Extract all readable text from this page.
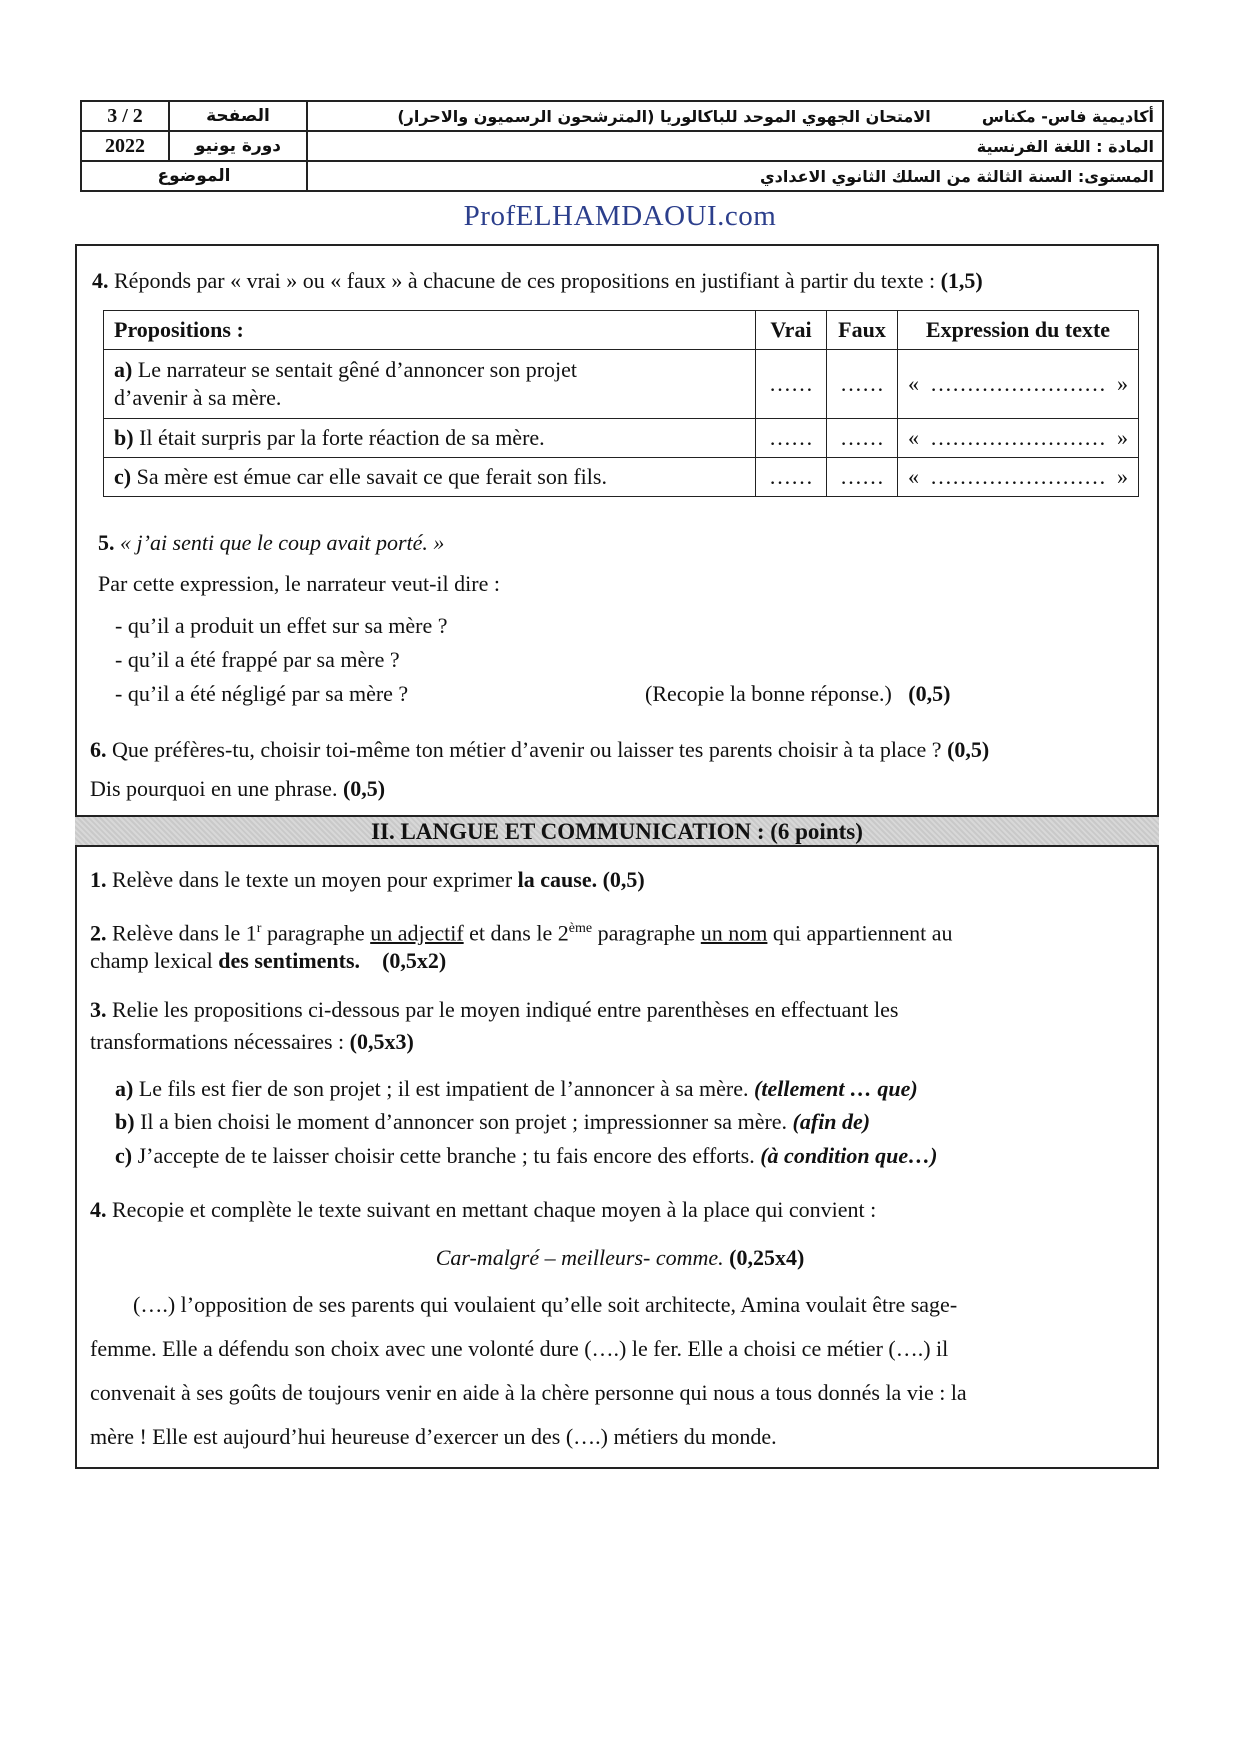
3 / 2	الصفحة	أكاديمية فاس- مكناس  الامتحان الجهوي الموحد للباكالوريا (المترشحون الرسميون والاحرار)
2022	دورة يونيو	المادة : اللغة الفرنسية
الموضوع		المستوى: السنة الثالثة من السلك الثانوي الاعدادي
ProfELHAMDAOUI.com
4. Réponds par « vrai » ou « faux » à chacune de ces propositions en justifiant à partir du texte : (1,5)
Propositions :	Vrai	Faux	Expression du texte
a) Le narrateur se sentait gêné d’annoncer son projet
d’avenir à sa mère.	……	……	« …………………… »

b) Il était surpris par la forte réaction de sa mère.	……	……	« …………………… »

c) Sa mère est émue car elle savait ce que ferait son fils.	……	……	« …………………… »
5. « j’ai senti que le coup avait porté. »
Par cette expression, le narrateur veut-il dire :
- qu’il a produit un effet sur sa mère ?
- qu’il a été frappé par sa mère ?
- qu’il a été négligé par sa mère ?	(Recopie la bonne réponse.) (0,5)
6. Que préfères-tu, choisir toi-même ton métier d’avenir ou laisser tes parents choisir à ta place ? (0,5)
Dis pourquoi en une phrase. (0,5)
II. LANGUE ET COMMUNICATION : (6 points)
1. Relève dans le texte un moyen pour exprimer la cause. (0,5)
2. Relève dans le 1$^r$ paragraphe un adjectif et dans le 2ème paragraphe un nom qui appartiennent au
champ lexical des sentiments. (0,5x2)
3. Relie les propositions ci-dessous par le moyen indiqué entre parenthèses en effectuant les
transformations nécessaires : (0,5x3)
a) Le fils est fier de son projet ; il est impatient de l’annoncer à sa mère. (tellement … que)
b) Il a bien choisi le moment d’annoncer son projet ; impressionner sa mère. (afin de)
c) J’accepte de te laisser choisir cette branche ; tu fais encore des efforts. (à condition que…)
4. Recopie et complète le texte suivant en mettant chaque moyen à la place qui convient :
Car-malgré – meilleurs- comme. (0,25x4)
(….) l’opposition de ses parents qui voulaient qu’elle soit architecte, Amina voulait être sage-
femme. Elle a défendu son choix avec une volonté dure (….) le fer. Elle a choisi ce métier (….) il
convenait à ses goûts de toujours venir en aide à la chère personne qui nous a tous donnés la vie : la
mère ! Elle est aujourd’hui heureuse d’exercer un des (….) métiers du monde.
